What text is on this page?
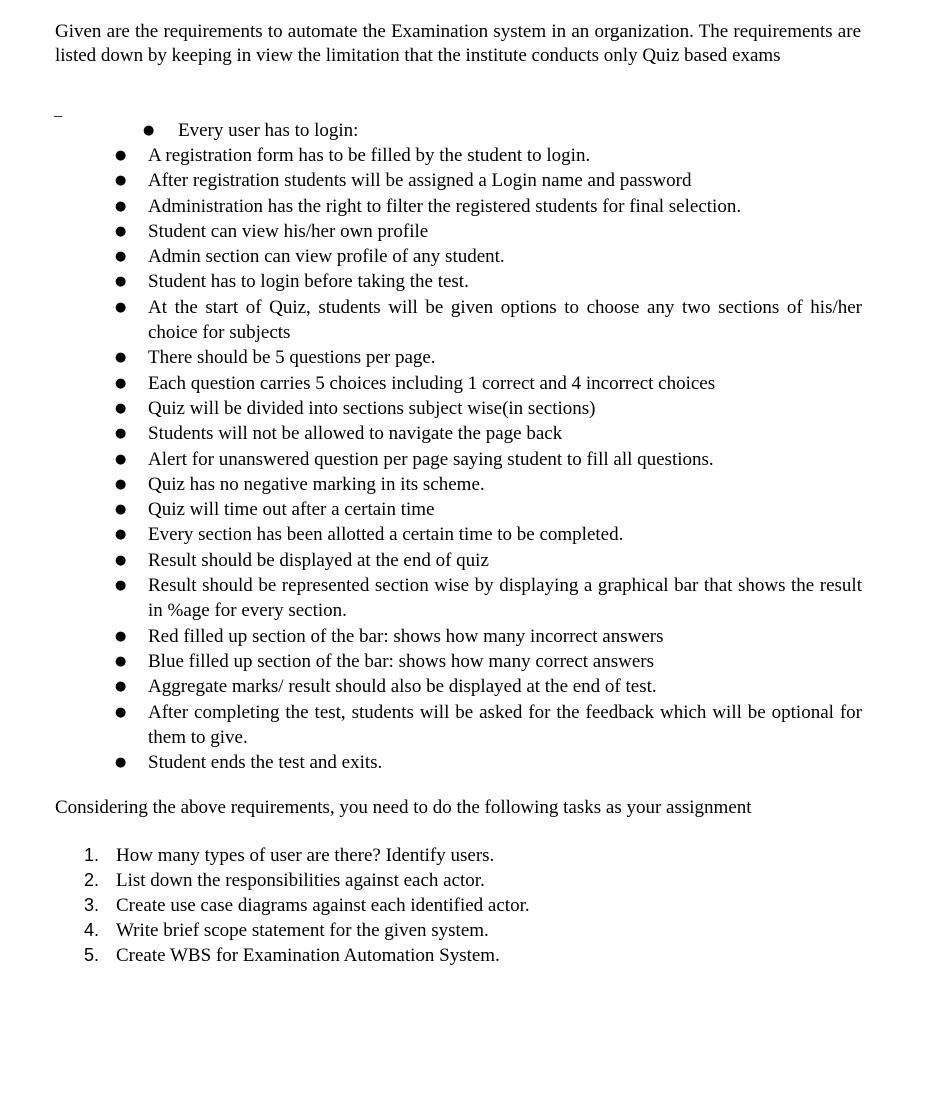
Given are the requirements to automate the Examination system in an organization. The requirements are listed down by keeping in view the limitation that the institute conducts only Quiz based exams
_
● Every user has to login:
● A registration form has to be filled by the student to login.
● After registration students will be assigned a Login name and password
● Administration has the right to filter the registered students for final selection.
● Student can view his/her own profile
● Admin section can view profile of any student.
● Student has to login before taking the test.
● At the start of Quiz, students will be given options to choose any two sections of his/her choice for subjects
● There should be 5 questions per page.
● Each question carries 5 choices including 1 correct and 4 incorrect choices
● Quiz will be divided into sections subject wise(in sections)
● Students will not be allowed to navigate the page back
● Alert for unanswered question per page saying student to fill all questions.
● Quiz has no negative marking in its scheme.
● Quiz will time out after a certain time
● Every section has been allotted a certain time to be completed.
● Result should be displayed at the end of quiz
● Result should be represented section wise by displaying a graphical bar that shows the result in %age for every section.
● Red filled up section of the bar: shows how many incorrect answers
● Blue filled up section of the bar: shows how many correct answers
● Aggregate marks/ result should also be displayed at the end of test.
● After completing the test, students will be asked for the feedback which will be optional for them to give.
● Student ends the test and exits.
Considering the above requirements, you need to do the following tasks as your assignment
1. How many types of user are there? Identify users.
2. List down the responsibilities against each actor.
3. Create use case diagrams against each identified actor.
4. Write brief scope statement for the given system.
5. Create WBS for Examination Automation System.
